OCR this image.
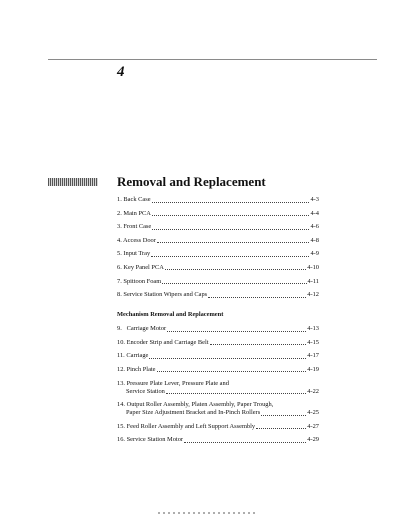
4
Removal and Replacement
1. Back Case	4-3
2. Main PCA	4-4
3. Front Case	4-6
4. Access Door	4-8
5. Input Tray	4-9
6. Key Panel PCA	4-10
7. Spittoon Foam	4-11
8. Service Station Wipers and Caps	4-12
Mechanism Removal and Replacement
9.   Carriage Motor	4-13
10. Encoder Strip and Carriage Belt	4-15
11. Carriage	4-17
12. Pinch Plate	4-19
13. Pressure Plate Lever, Pressure Plate and
Service Station	4-22
14. Output Roller Assembly, Platen Assembly, Paper Trough,
Paper Size Adjustment Bracket and In-Pinch Rollers	4-25
15. Feed Roller Assembly and Left Support Assembly	4-27
16. Service Station Motor	4-29
